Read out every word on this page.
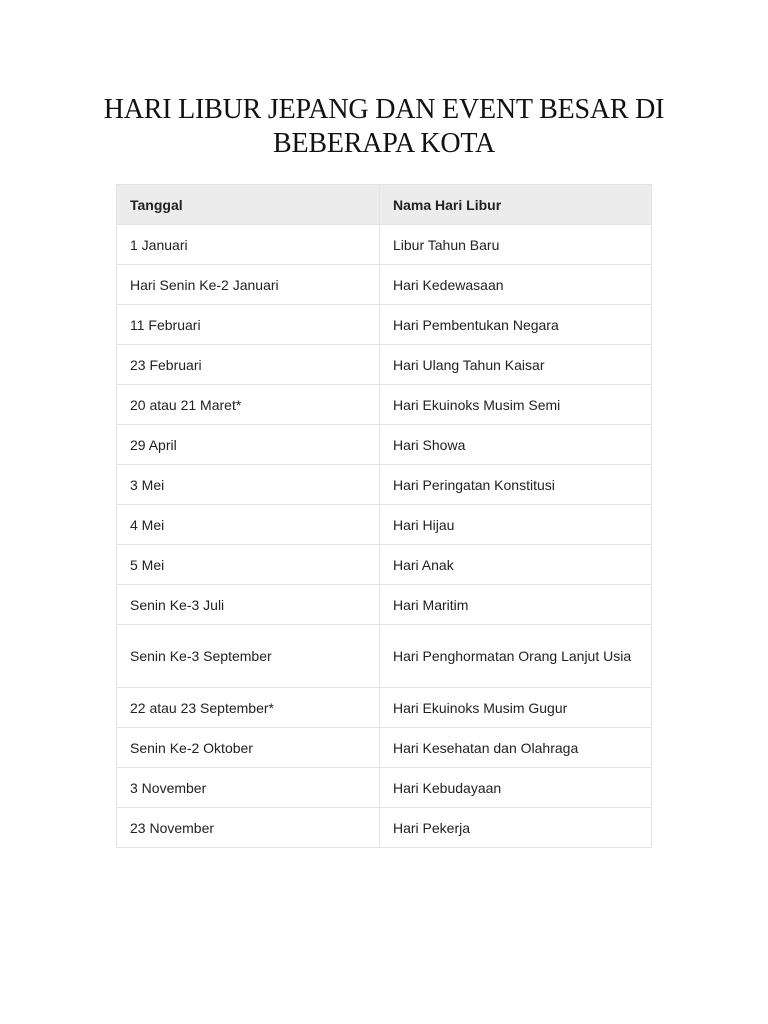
HARI LIBUR JEPANG DAN EVENT BESAR DI BEBERAPA KOTA
Tanggal	Nama Hari Libur
1 Januari	Libur Tahun Baru
Hari Senin Ke-2 Januari	Hari Kedewasaan
11 Februari	Hari Pembentukan Negara
23 Februari	Hari Ulang Tahun Kaisar
20 atau 21 Maret*	Hari Ekuinoks Musim Semi
29 April	Hari Showa
3 Mei	Hari Peringatan Konstitusi
4 Mei	Hari Hijau
5 Mei	Hari Anak
Senin Ke-3 Juli	Hari Maritim
Senin Ke-3 September	Hari Penghormatan Orang Lanjut Usia
22 atau 23 September*	Hari Ekuinoks Musim Gugur
Senin Ke-2 Oktober	Hari Kesehatan dan Olahraga
3 November	Hari Kebudayaan
23 November	Hari Pekerja
